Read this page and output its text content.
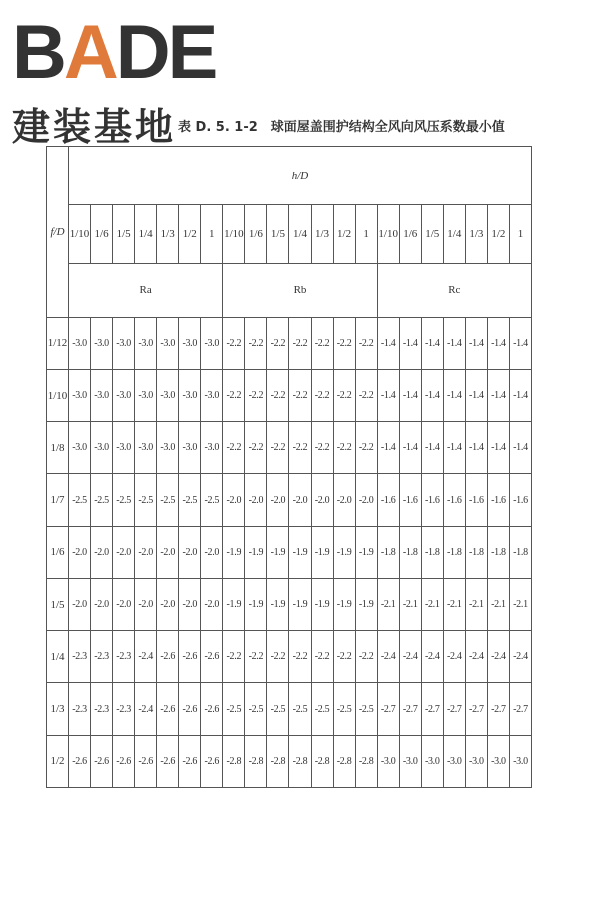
BADE
建装基地 表 D. 5. 1-2　球面屋盖围护结构全风向风压系数最小值
f/D	h/D																				
	1/10	1/6	1/5	1/4	1/3	1/2	1	1/10	1/6	1/5	1/4	1/3	1/2	1	1/10	1/6	1/5	1/4	1/3	1/2	1
	Ra							Rb							Rc						
1/12	-3.0	-3.0	-3.0	-3.0	-3.0	-3.0	-3.0	-2.2	-2.2	-2.2	-2.2	-2.2	-2.2	-2.2	-1.4	-1.4	-1.4	-1.4	-1.4	-1.4	-1.4
1/10	-3.0	-3.0	-3.0	-3.0	-3.0	-3.0	-3.0	-2.2	-2.2	-2.2	-2.2	-2.2	-2.2	-2.2	-1.4	-1.4	-1.4	-1.4	-1.4	-1.4	-1.4
1/8	-3.0	-3.0	-3.0	-3.0	-3.0	-3.0	-3.0	-2.2	-2.2	-2.2	-2.2	-2.2	-2.2	-2.2	-1.4	-1.4	-1.4	-1.4	-1.4	-1.4	-1.4
1/7	-2.5	-2.5	-2.5	-2.5	-2.5	-2.5	-2.5	-2.0	-2.0	-2.0	-2.0	-2.0	-2.0	-2.0	-1.6	-1.6	-1.6	-1.6	-1.6	-1.6	-1.6
1/6	-2.0	-2.0	-2.0	-2.0	-2.0	-2.0	-2.0	-1.9	-1.9	-1.9	-1.9	-1.9	-1.9	-1.9	-1.8	-1.8	-1.8	-1.8	-1.8	-1.8	-1.8
1/5	-2.0	-2.0	-2.0	-2.0	-2.0	-2.0	-2.0	-1.9	-1.9	-1.9	-1.9	-1.9	-1.9	-1.9	-2.1	-2.1	-2.1	-2.1	-2.1	-2.1	-2.1
1/4	-2.3	-2.3	-2.3	-2.4	-2.6	-2.6	-2.6	-2.2	-2.2	-2.2	-2.2	-2.2	-2.2	-2.2	-2.4	-2.4	-2.4	-2.4	-2.4	-2.4	-2.4
1/3	-2.3	-2.3	-2.3	-2.4	-2.6	-2.6	-2.6	-2.5	-2.5	-2.5	-2.5	-2.5	-2.5	-2.5	-2.7	-2.7	-2.7	-2.7	-2.7	-2.7	-2.7
1/2	-2.6	-2.6	-2.6	-2.6	-2.6	-2.6	-2.6	-2.8	-2.8	-2.8	-2.8	-2.8	-2.8	-2.8	-3.0	-3.0	-3.0	-3.0	-3.0	-3.0	-3.0
